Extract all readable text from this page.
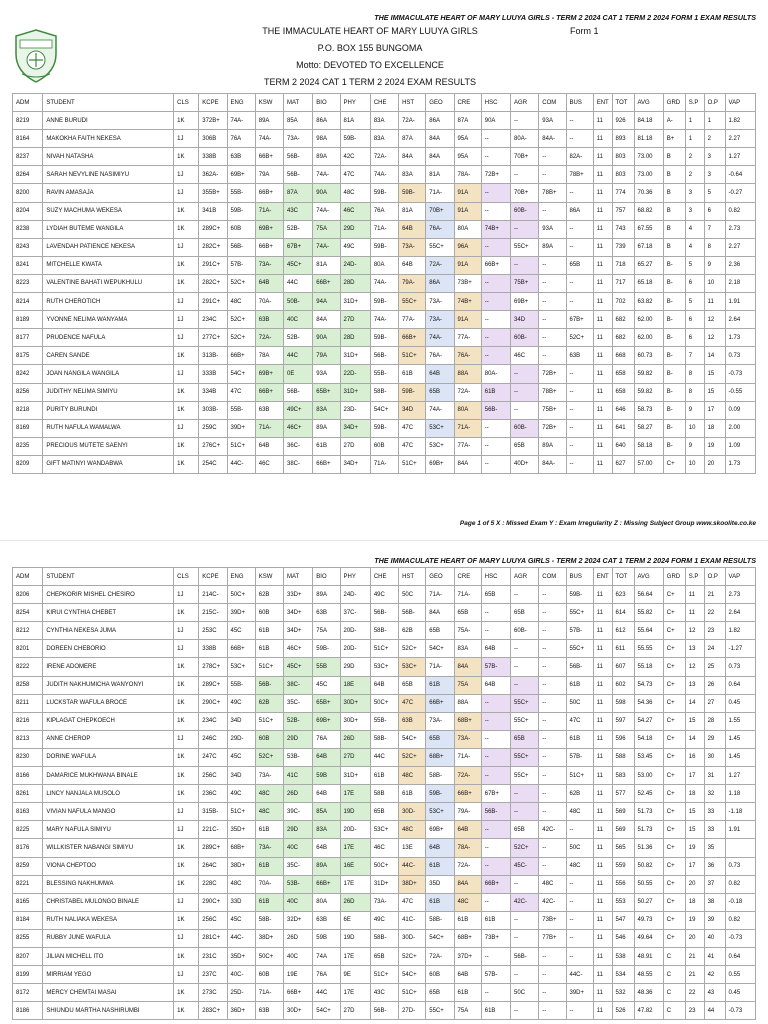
THE IMMACULATE HEART OF MARY LUUYA GIRLS - TERM 2 2024 CAT 1 TERM 2 2024 FORM 1 EXAM RESULTS
THE IMMACULATE HEART OF MARY LUUYA GIRLS	Form 1
P.O. BOX 155 BUNGOMA
Motto: DEVOTED TO EXCELLENCE
TERM 2 2024 CAT 1 TERM 2 2024 EXAM RESULTS
ADM	STUDENT	CLS	KCPE	ENG	KSW	MAT	BIO	PHY	CHE	HST	GEO	CRE	HSC	AGR	COM	BUS	ENT	TOT	AVG	GRD	S.P	O.P	VAP
8219	ANNE BURUDI	1K	372B+	74A-	89A	85A	86A	81A	83A	72A-	86A	87A	90A	--	93A	--	11	926	84.18	A-	1	1	1.82
8164	MAKOKHA FAITH NEKESA	1J	306B	76A	74A-	73A-	98A	59B-	83A	87A	84A	95A	--	80A-	84A-	--	11	893	81.18	B+	1	2	2.27
8237	NIVAH NATASHA	1K	338B	63B	66B+	56B-	89A	42C	72A-	84A	84A	95A	--	70B+	--	82A-	11	803	73.00	B	2	3	1.27
8264	SARAH NEVYLINE NASIMIYU	1J	362A-	69B+	79A	56B-	74A-	47C	74A-	83A	81A	78A-	72B+	--	--	78B+	11	803	73.00	B	2	3	-0.64
8200	RAVIN AMASAJA	1J	355B+	55B-	66B+	87A	90A	48C	59B-	59B-	71A-	91A	--	70B+	78B+	--	11	774	70.36	B	3	5	-0.27
8204	SUZY MACHUMA WEKESA	1K	341B	59B-	71A-	43C	74A-	46C	76A	81A	70B+	91A	--	60B-	--	86A	11	757	68.82	B	3	6	0.82
8238	LYDIAH BUTEME WANGILA	1K	289C+	60B	69B+	52B-	75A	29D	71A-	64B	76A-	80A	74B+	--	93A	--	11	743	67.55	B	4	7	2.73
8243	LAVENDAH PATIENCE NEKESA	1J	282C+	56B-	66B+	67B+	74A-	49C	59B-	73A-	55C+	96A	--	55C+	89A	--	11	739	67.18	B	4	8	2.27
8241	MITCHELLE KWATA	1K	291C+	57B-	73A-	45C+	81A	24D-	80A	64B	72A-	91A	66B+	--	--	65B	11	718	65.27	B-	5	9	2.36
8223	VALENTINE BAHATI WEPUKHULU	1K	282C+	52C+	64B	44C	66B+	28D	74A-	79A-	86A	73B+	--	75B+	--	--	11	717	65.18	B-	6	10	2.18
8214	RUTH CHEROTICH	1J	291C+	48C	70A-	50B-	94A	31D+	59B-	55C+	73A-	74B+	--	69B+	--	--	11	702	63.82	B-	5	11	1.91
8189	YVONNE NELIMA WANYAMA	1J	234C	52C+	63B	40C	84A	27D	74A-	77A-	73A-	91A	--	34D	--	67B+	11	682	62.00	B-	6	12	2.64
8177	PRUDENCE NAFULA	1J	277C+	52C+	72A-	52B-	90A	28D	59B-	66B+	74A-	77A-	--	60B-	--	52C+	11	682	62.00	B-	6	12	1.73
8175	CAREN SANDE	1K	313B-	66B+	78A	44C	79A	31D+	56B-	51C+	76A-	76A-	--	46C	--	63B	11	668	60.73	B-	7	14	0.73
8242	JOAN NANGILA WANGILA	1J	333B	54C+	69B+	0E	93A	22D-	55B-	61B	64B	88A	80A-	--	72B+	--	11	658	59.82	B-	8	15	-0.73
8256	JUDITHY NELIMA SIMIYU	1K	334B	47C	66B+	56B-	65B+	31D+	58B-	59B-	65B	72A-	61B	--	78B+	--	11	658	59.82	B-	8	15	-0.55
8218	PURITY BURUNDI	1K	303B-	55B-	63B	49C+	83A	23D-	54C+	34D	74A-	80A	56B-	--	75B+	--	11	646	58.73	B-	9	17	0.09
8169	RUTH NAFULA WAMALWA	1J	259C	39D+	71A-	46C+	89A	34D+	59B-	47C	53C+	71A-	--	60B-	72B+	--	11	641	58.27	B-	10	18	2.00
8235	PRECIOUS MUTETE SAENYI	1K	276C+	51C+	64B	36C-	61B	27D	60B	47C	53C+	77A-	--	65B	89A	--	11	640	58.18	B-	9	19	1.09
8209	GIFT MATINYI WANDABWA	1K	254C	44C-	46C	38C-	66B+	34D+	71A-	51C+	69B+	84A	--	40D+	84A-	--	11	627	57.00	C+	10	20	1.73
Page 1 of 5 X : Missed Exam Y : Exam Irregularity Z : Missing Subject Group www.skoolite.co.ke
THE IMMACULATE HEART OF MARY LUUYA GIRLS - TERM 2 2024 CAT 1 TERM 2 2024 FORM 1 EXAM RESULTS
ADM	STUDENT	CLS	KCPE	ENG	KSW	MAT	BIO	PHY	CHE	HST	GEO	CRE	HSC	AGR	COM	BUS	ENT	TOT	AVG	GRD	S.P	O.P	VAP
8206	CHEPKORIR MISHEL CHESIRO	1J	214C-	50C+	62B	33D+	89A	24D-	49C	50C	71A-	71A-	65B	--	--	59B-	11	623	56.64	C+	11	21	2.73
8254	KIRUI CYNTHIA CHEBET	1K	215C-	39D+	60B	34D+	63B	37C-	56B-	56B-	84A	65B	--	65B	--	55C+	11	614	55.82	C+	11	22	2.64
8212	CYNTHIA NEKESA JUMA	1J	253C	45C	61B	34D+	75A	20D-	58B-	62B	65B	75A-	--	60B-	--	57B-	11	612	55.64	C+	12	23	1.82
8201	DOREEN CHEBORIO	1J	338B	66B+	61B	46C+	59B-	20D-	51C+	52C+	54C+	83A	64B	--	--	55C+	11	611	55.55	C+	13	24	-1.27
8222	IRENE ADOMERE	1K	278C+	53C+	51C+	45C+	55B	29D	53C+	53C+	71A-	84A	57B-	--	--	56B-	11	607	55.18	C+	12	25	0.73
8258	JUDITH NAKHUMICHA WANYONYI	1K	289C+	55B-	56B-	38C-	45C	18E	64B	65B	61B	75A	64B	--	--	61B	11	602	54.73	C+	13	26	0.64
8211	LUCKSTAR WAFULA BROCE	1K	290C+	49C	62B	35C-	65B+	30D+	50C+	47C	66B+	88A	--	55C+	--	50C	11	598	54.36	C+	14	27	0.45
8216	KIPLAGAT CHEPKOECH	1K	234C	34D	51C+	52B-	69B+	30D+	55B-	63B	73A-	68B+	--	55C+	--	47C	11	597	54.27	C+	15	28	1.55
8213	ANNE CHEROP	1J	246C	29D-	60B	29D	76A	26D	58B-	54C+	65B	73A-	--	65B	--	61B	11	596	54.18	C+	14	29	1.45
8230	DORINE WAFULA	1K	247C	45C	52C+	53B-	64B	27D	44C	52C+	68B+	71A-	--	55C+	--	57B-	11	588	53.45	C+	16	30	1.45
8166	DAMARICE MUKHWANA BINALE	1K	256C	34D	73A-	41C	59B	31D+	61B	48C	58B-	72A-	--	55C+	--	51C+	11	583	53.00	C+	17	31	1.27
8261	LINCY NANJALA MUSOLO	1K	236C	49C	48C	26D	64B	17E	58B	61B	59B-	66B+	67B+	--	--	62B	11	577	52.45	C+	18	32	1.18
8163	VIVIAN NAFULA MANGO	1J	315B-	51C+	48C	39C-	85A	19D	65B	30D-	53C+	79A-	56B-	--	--	48C	11	569	51.73	C+	15	33	-1.18
8225	MARY NAFULA SIMIYU	1J	221C-	35D+	61B	29D	83A	20D-	53C+	48C	69B+	64B	--	65B	42C-	--	11	569	51.73	C+	15	33	1.91
8176	WILLKISTER NABANGI SIMIYU	1K	289C+	68B+	73A-	40C	64B	17E	46C	13E	64B	78A-	--	52C+	--	50C	11	565	51.36	C+	19	35	
8259	VIONA CHEPTOO	1K	264C	38D+	61B	35C-	89A	16E	50C+	44C-	61B	72A-	--	45C-	--	48C	11	559	50.82	C+	17	36	0.73
8221	BLESSING NAKHUMWA	1K	228C	48C	70A-	53B-	66B+	17E	31D+	38D+	35D	84A	66B+	--	48C	--	11	556	50.55	C+	20	37	0.82
8165	CHRISTABEL MULONGO BINALE	1J	290C+	33D	61B	40C	80A	26D	73A-	47C	61B	48C	--	42C-	42C-	--	11	553	50.27	C+	18	38	-0.18
8184	RUTH NALIAKA WEKESA	1K	256C	45C	58B-	32D+	63B	6E	49C	41C-	58B-	61B	61B	--	73B+	--	11	547	49.73	C+	19	39	0.82
8255	RUBBY JUNE WAFULA	1J	281C+	44C-	38D+	26D	59B	19D	58B-	30D-	54C+	68B+	73B+	--	77B+	--	11	546	49.64	C+	20	40	-0.73
8207	JILIAN MICHELL ITO	1K	231C	35D+	50C+	40C	74A	17E	65B	52C+	72A-	37D+	--	56B-	--	--	11	538	48.91	C	21	41	0.64
8199	MIRRIAM YEGO	1J	237C	40C-	60B	19E	76A	9E	51C+	54C+	60B	64B	57B-	--	--	44C-	11	534	48.55	C	21	42	0.55
8172	MERCY CHEMTAI MASAI	1K	273C	25D-	71A-	66B+	44C	17E	43C	51C+	65B	61B	--	50C	--	39D+	11	532	48.36	C	22	43	0.45
8186	SHIUNDU MARTHA NASHIRUMBI	1K	283C+	36D+	63B	30D+	54C+	27D	56B-	27D-	55C+	75A	61B	--	--	--	11	526	47.82	C	23	44	-0.73
